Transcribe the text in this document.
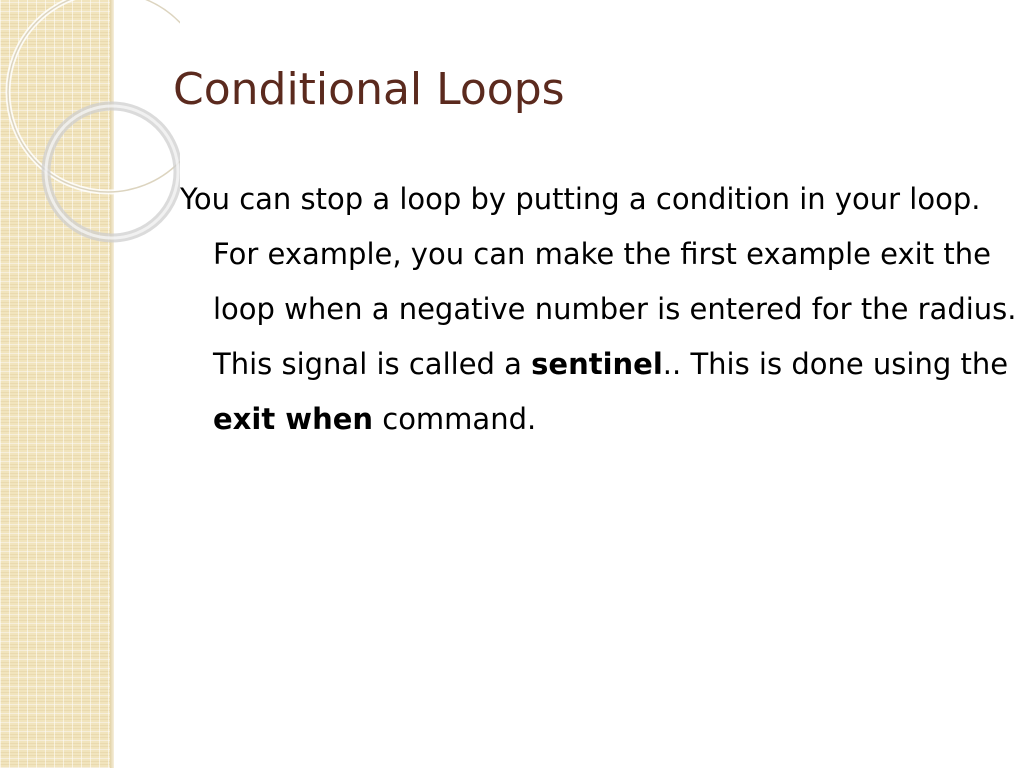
Conditional Loops

You can stop a loop by putting a condition in your loop. For example, you can make the first example exit the loop when a negative number is entered for the radius. This signal is called a sentinel.. This is done using the exit when command.
